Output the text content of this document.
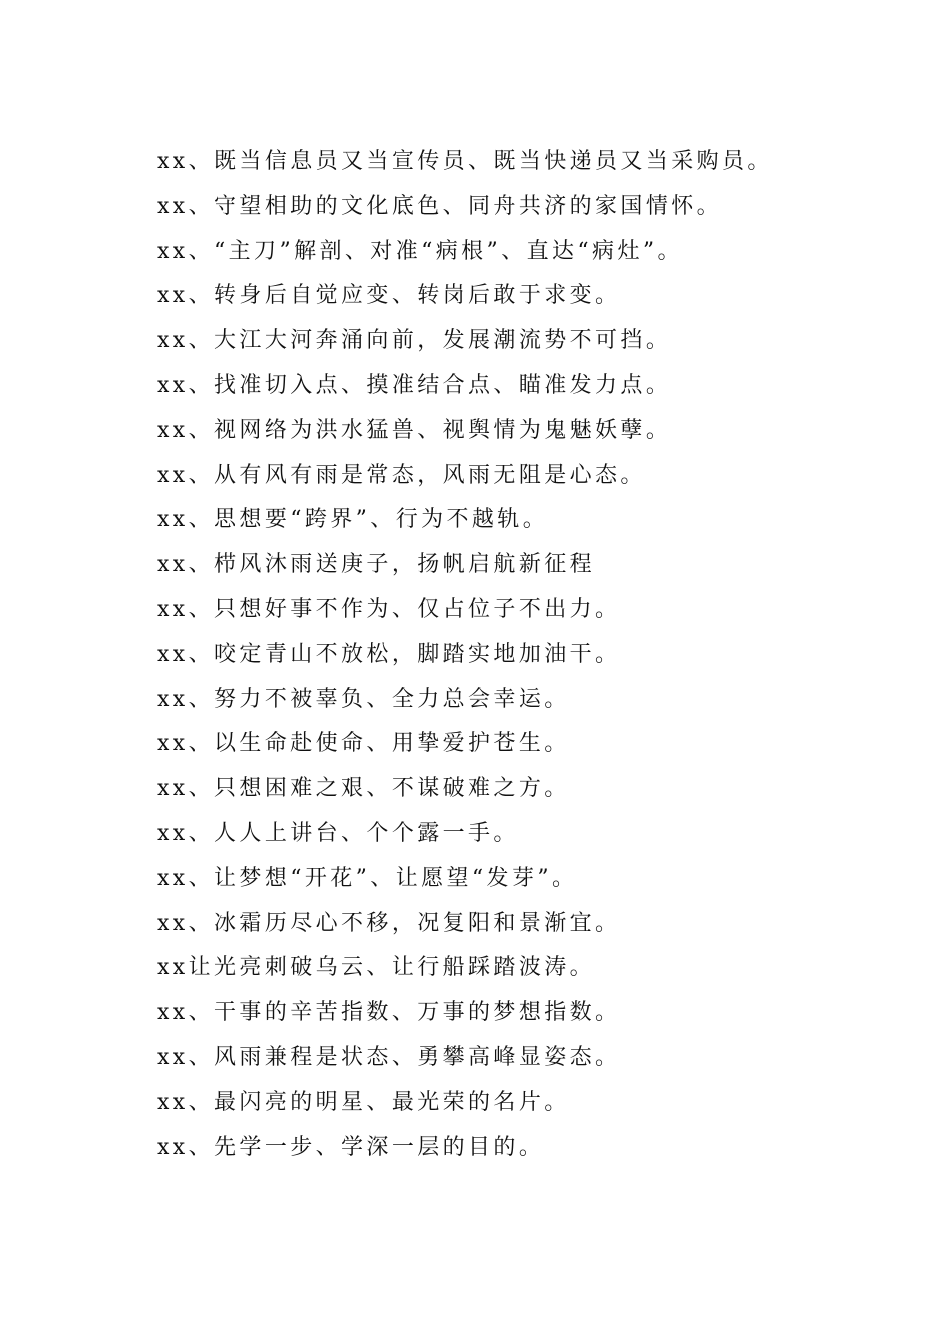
xx、既当信息员又当宣传员、既当快递员又当采购员。
xx、守望相助的文化底色、同舟共济的家国情怀。
xx、“主刀”解剖、对准“病根”、直达“病灶”。
xx、转身后自觉应变、转岗后敢于求变。
xx、大江大河奔涌向前，发展潮流势不可挡。
xx、找准切入点、摸准结合点、瞄准发力点。
xx、视网络为洪水猛兽、视舆情为鬼魅妖孽。
xx、从有风有雨是常态，风雨无阻是心态。
xx、思想要“跨界”、行为不越轨。
xx、栉风沐雨送庚子，扬帆启航新征程
xx、只想好事不作为、仅占位子不出力。
xx、咬定青山不放松，脚踏实地加油干。
xx、努力不被辜负、全力总会幸运。
xx、以生命赴使命、用挚爱护苍生。
xx、只想困难之艰、不谋破难之方。
xx、人人上讲台、个个露一手。
xx、让梦想“开花”、让愿望“发芽”。
xx、冰霜历尽心不移，况复阳和景渐宜。
xx让光亮刺破乌云、让行船踩踏波涛。
xx、干事的辛苦指数、万事的梦想指数。
xx、风雨兼程是状态、勇攀高峰显姿态。
xx、最闪亮的明星、最光荣的名片。
xx、先学一步、学深一层的目的。
